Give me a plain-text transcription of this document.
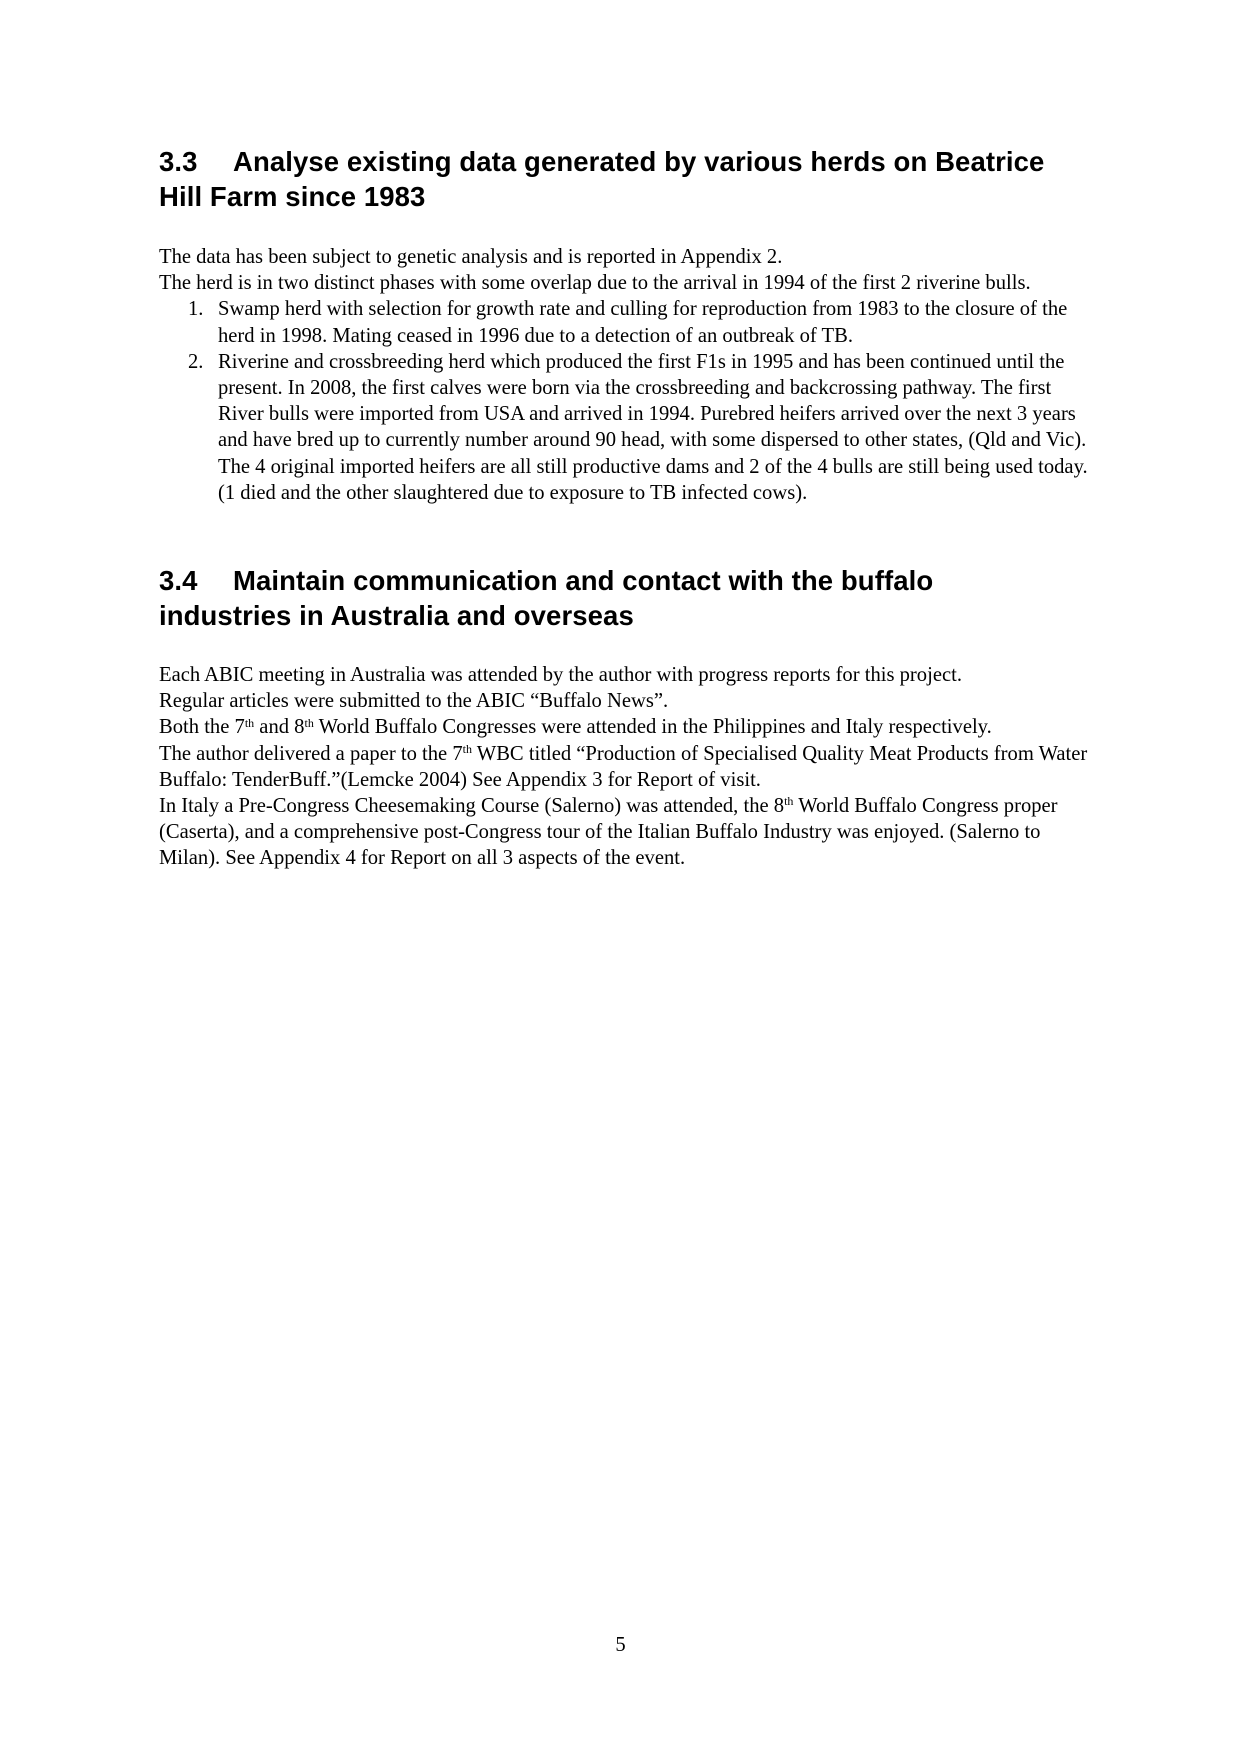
3.3 Analyse existing data generated by various herds on Beatrice
Hill Farm since 1983

The data has been subject to genetic analysis and is reported in Appendix 2.

The herd is in two distinct phases with some overlap due to the arrival in 1994 of the first 2 riverine bulls.

1. Swamp herd with selection for growth rate and culling for reproduction from 1983 to the closure of the herd in 1998. Mating ceased in 1996 due to a detection of an outbreak of TB.
2. Riverine and crossbreeding herd which produced the first F1s in 1995 and has been continued until the present. In 2008, the first calves were born via the crossbreeding and backcrossing pathway. The first River bulls were imported from USA and arrived in 1994. Purebred heifers arrived over the next 3 years and have bred up to currently number around 90 head, with some dispersed to other states, (Qld and Vic). The 4 original imported heifers are all still productive dams and 2 of the 4 bulls are still being used today. (1 died and the other slaughtered due to exposure to TB infected cows).
3.4 Maintain communication and contact with the buffalo
industries in Australia and overseas

Each ABIC meeting in Australia was attended by the author with progress reports for this project.

Regular articles were submitted to the ABIC “Buffalo News”.

Both the 7th and 8th World Buffalo Congresses were attended in the Philippines and Italy respectively.

The author delivered a paper to the 7th WBC titled “Production of Specialised Quality Meat Products from Water Buffalo: TenderBuff.”(Lemcke 2004) See Appendix 3 for Report of visit.

In Italy a Pre-Congress Cheesemaking Course (Salerno) was attended, the 8th World Buffalo Congress proper (Caserta), and a comprehensive post-Congress tour of the Italian Buffalo Industry was enjoyed. (Salerno to Milan). See Appendix 4 for Report on all 3 aspects of the event.

5
